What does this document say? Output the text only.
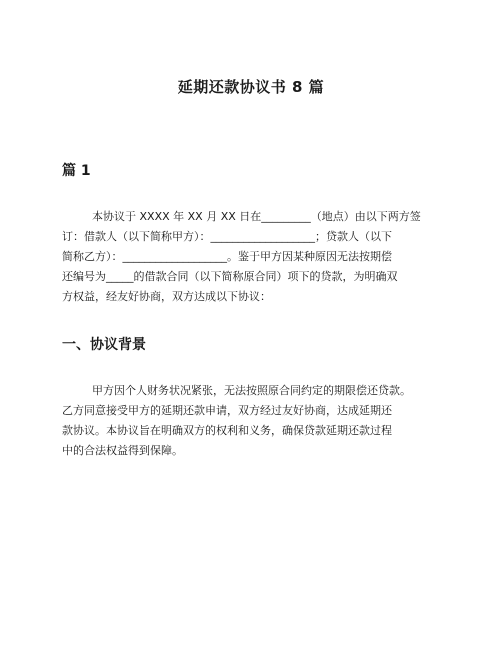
延期还款协议书 8 篇
篇 1
本协议于 XXXX 年 XX 月 XX 日在_________（地点）由以下两方签
订：借款人（以下简称甲方）：___________________；贷款人（以下
简称乙方）：___________________。鉴于甲方因某种原因无法按期偿
还编号为_____的借款合同（以下简称原合同）项下的贷款，为明确双
方权益，经友好协商，双方达成以下协议：
一、协议背景
甲方因个人财务状况紧张，无法按照原合同约定的期限偿还贷款。
乙方同意接受甲方的延期还款申请，双方经过友好协商，达成延期还
款协议。本协议旨在明确双方的权利和义务，确保贷款延期还款过程
中的合法权益得到保障。
